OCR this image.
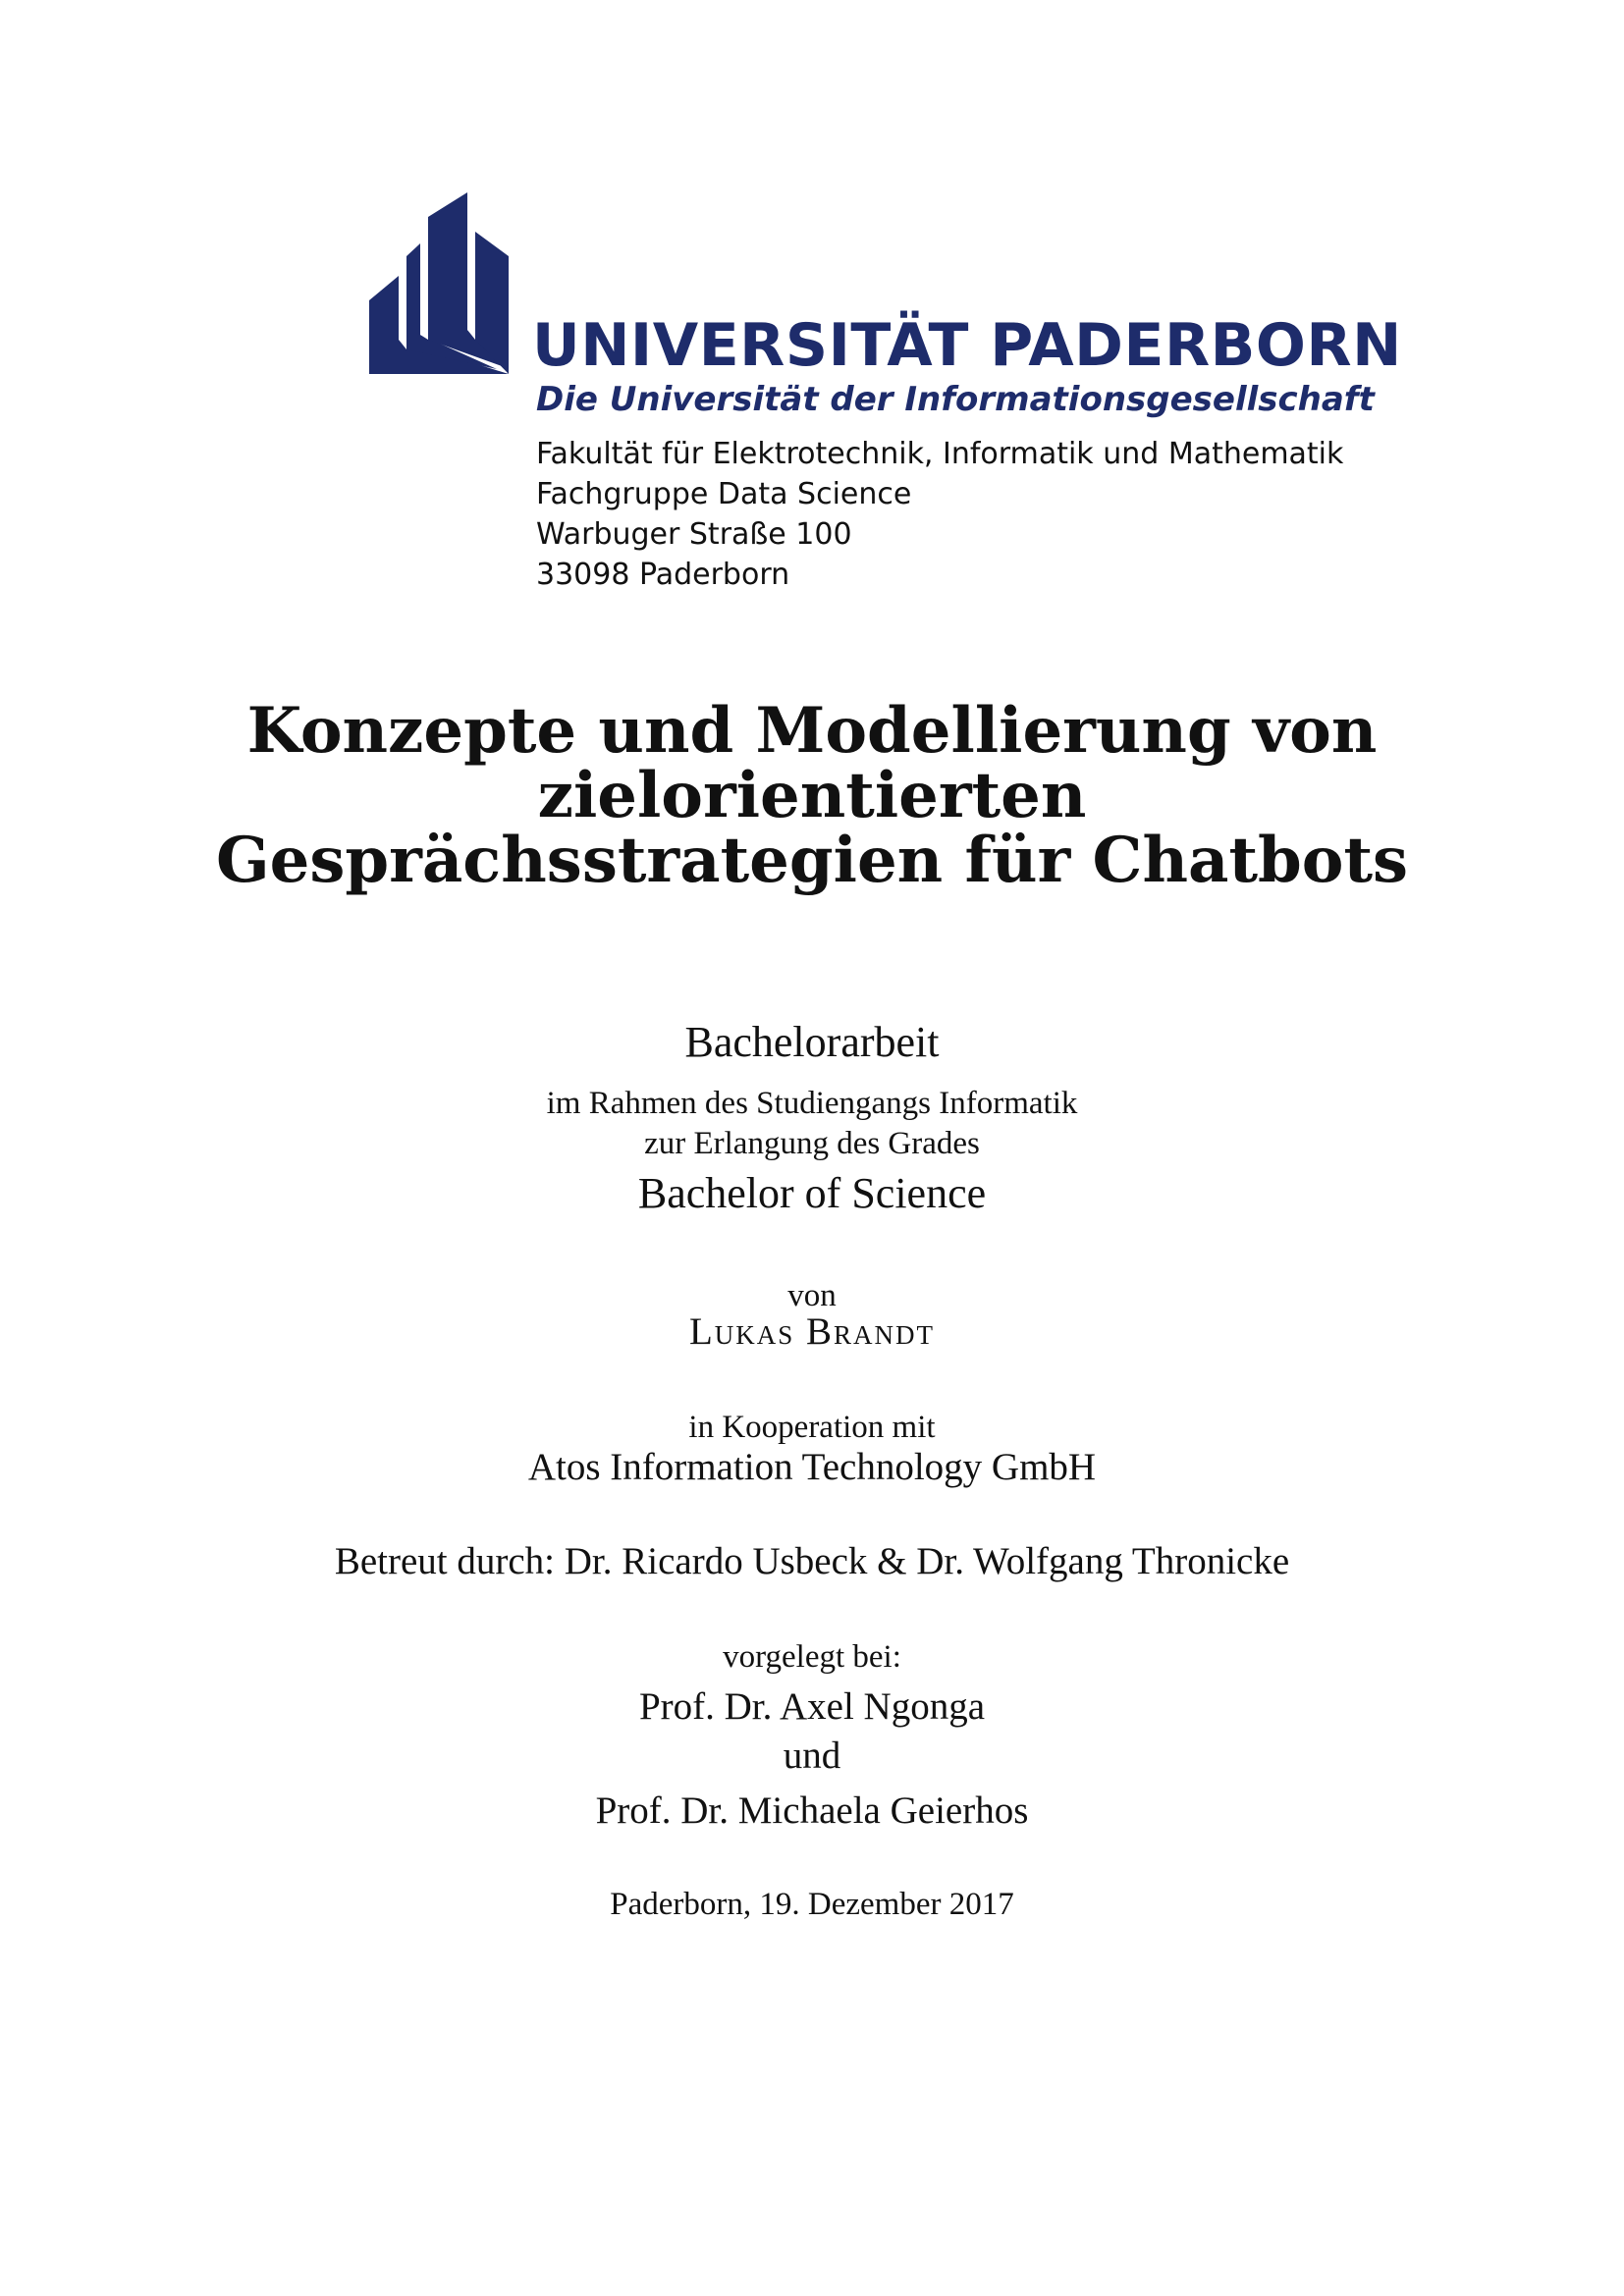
UNIVERSITÄT PADERBORN
Die Universität der Informationsgesellschaft
Fakultät für Elektrotechnik, Informatik und Mathematik
Fachgruppe Data Science
Warbuger Straße 100
33098 Paderborn
Konzepte und Modellierung von
zielorientierten
Gesprächsstrategien für Chatbots
Bachelorarbeit
im Rahmen des Studiengangs Informatik
zur Erlangung des Grades
Bachelor of Science
von
Lukas Brandt
in Kooperation mit
Atos Information Technology GmbH
Betreut durch: Dr. Ricardo Usbeck & Dr. Wolfgang Thronicke
vorgelegt bei:
Prof. Dr. Axel Ngonga
und
Prof. Dr. Michaela Geierhos
Paderborn, 19. Dezember 2017
